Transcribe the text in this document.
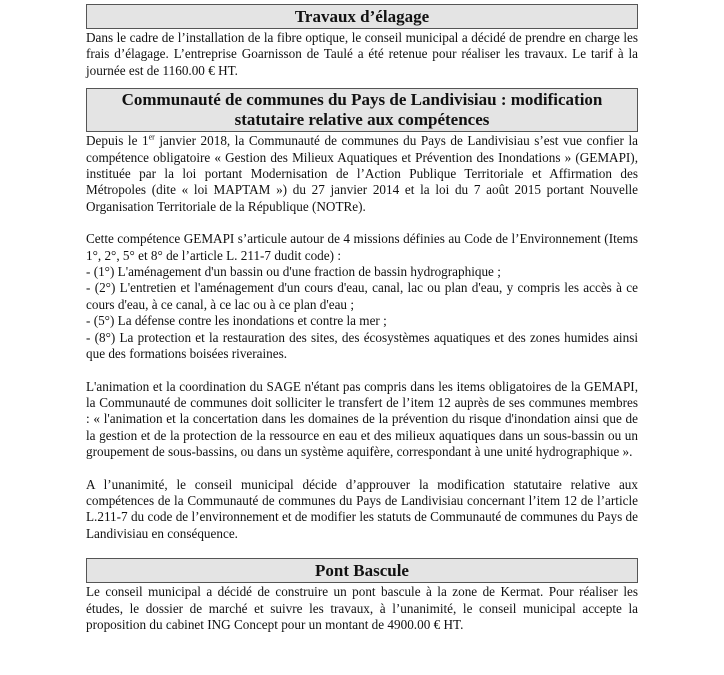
Travaux d’élagage

Dans le cadre de l’installation de la fibre optique, le conseil municipal a décidé de prendre en charge les frais d’élagage. L’entreprise Goarnisson de Taulé a été retenue pour réaliser les travaux. Le tarif à la journée est de 1160.00 € HT.

Communauté de communes du Pays de Landivisiau : modification
statutaire relative aux compétences

Depuis le 1er janvier 2018, la Communauté de communes du Pays de Landivisiau s’est vue confier la compétence obligatoire « Gestion des Milieux Aquatiques et Prévention des Inondations » (GEMAPI), instituée par la loi portant Modernisation de l’Action Publique Territoriale et Affirmation des Métropoles (dite « loi MAPTAM ») du 27 janvier 2014 et la loi du 7 août 2015 portant Nouvelle Organisation Territoriale de la République (NOTRe).

Cette compétence GEMAPI s’articule autour de 4 missions définies au Code de l’Environnement (Items 1°, 2°, 5° et 8° de l’article L. 211-7 dudit code) :

- (1°) L'aménagement d'un bassin ou d'une fraction de bassin hydrographique ;

- (2°) L'entretien et l'aménagement d'un cours d'eau, canal, lac ou plan d'eau, y compris les accès à ce cours d'eau, à ce canal, à ce lac ou à ce plan d'eau ;

- (5°) La défense contre les inondations et contre la mer ;

- (8°) La protection et la restauration des sites, des écosystèmes aquatiques et des zones humides ainsi que des formations boisées riveraines.

L'animation et la coordination du SAGE n'étant pas compris dans les items obligatoires de la GEMAPI, la Communauté de communes doit solliciter le transfert de l’item 12 auprès de ses communes membres : « l'animation et la concertation dans les domaines de la prévention du risque d'inondation ainsi que de la gestion et de la protection de la ressource en eau et des milieux aquatiques dans un sous-bassin ou un groupement de sous-bassins, ou dans un système aquifère, correspondant à une unité hydrographique ».

A l’unanimité, le conseil municipal décide d’approuver la modification statutaire relative aux compétences de la Communauté de communes du Pays de Landivisiau concernant l’item 12 de l’article L.211-7 du code de l’environnement et de modifier les statuts de Communauté de communes du Pays de Landivisiau en conséquence.

Pont Bascule

Le conseil municipal a décidé de construire un pont bascule à la zone de Kermat. Pour réaliser les études, le dossier de marché et suivre les travaux, à l’unanimité, le conseil municipal accepte la proposition du cabinet ING Concept pour un montant de 4900.00 € HT.
